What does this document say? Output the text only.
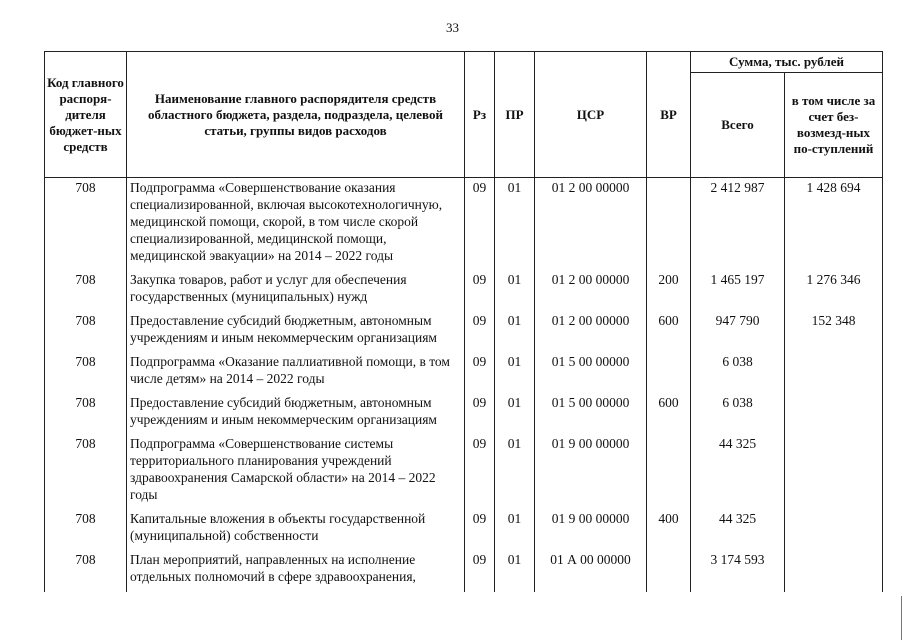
33
Код главного распоря-дителя бюджет-ных средств	Наименование главного распорядителя средств областного бюджета, раздела, подраздела, целевой статьи, группы видов расходов	Рз	ПР	ЦСР	ВР	Сумма, тыс. рублей	
						Всего	в том числе за счет без-возмезд-ных по-ступлений
708	Подпрограмма «Совершенствование оказания специализированной, включая высокотехнологичную, медицинской помощи, скорой, в том числе скорой специализированной, медицинской помощи, медицинской эвакуации» на 2014 – 2022 годы	09	01	01 2 00 00000		2 412 987	1 428 694
708	Закупка товаров, работ и услуг для обеспечения государственных (муниципальных) нужд	09	01	01 2 00 00000	200	1 465 197	1 276 346
708	Предоставление субсидий бюджетным, автономным учреждениям и иным некоммерческим организациям	09	01	01 2 00 00000	600	947 790	152 348
708	Подпрограмма «Оказание паллиативной помощи, в том числе детям» на 2014 – 2022 годы	09	01	01 5 00 00000		6 038	
708	Предоставление субсидий бюджетным, автономным учреждениям и иным некоммерческим организациям	09	01	01 5 00 00000	600	6 038	
708	Подпрограмма «Совершенствование системы территориального планирования учреждений здравоохранения Самарской области» на 2014 – 2022 годы	09	01	01 9 00 00000		44 325	
708	Капитальные вложения в объекты государственной (муниципальной) собственности	09	01	01 9 00 00000	400	44 325	
708	План мероприятий, направленных на исполнение отдельных полномочий в сфере здравоохранения,	09	01	01 А 00 00000		3 174 593	
